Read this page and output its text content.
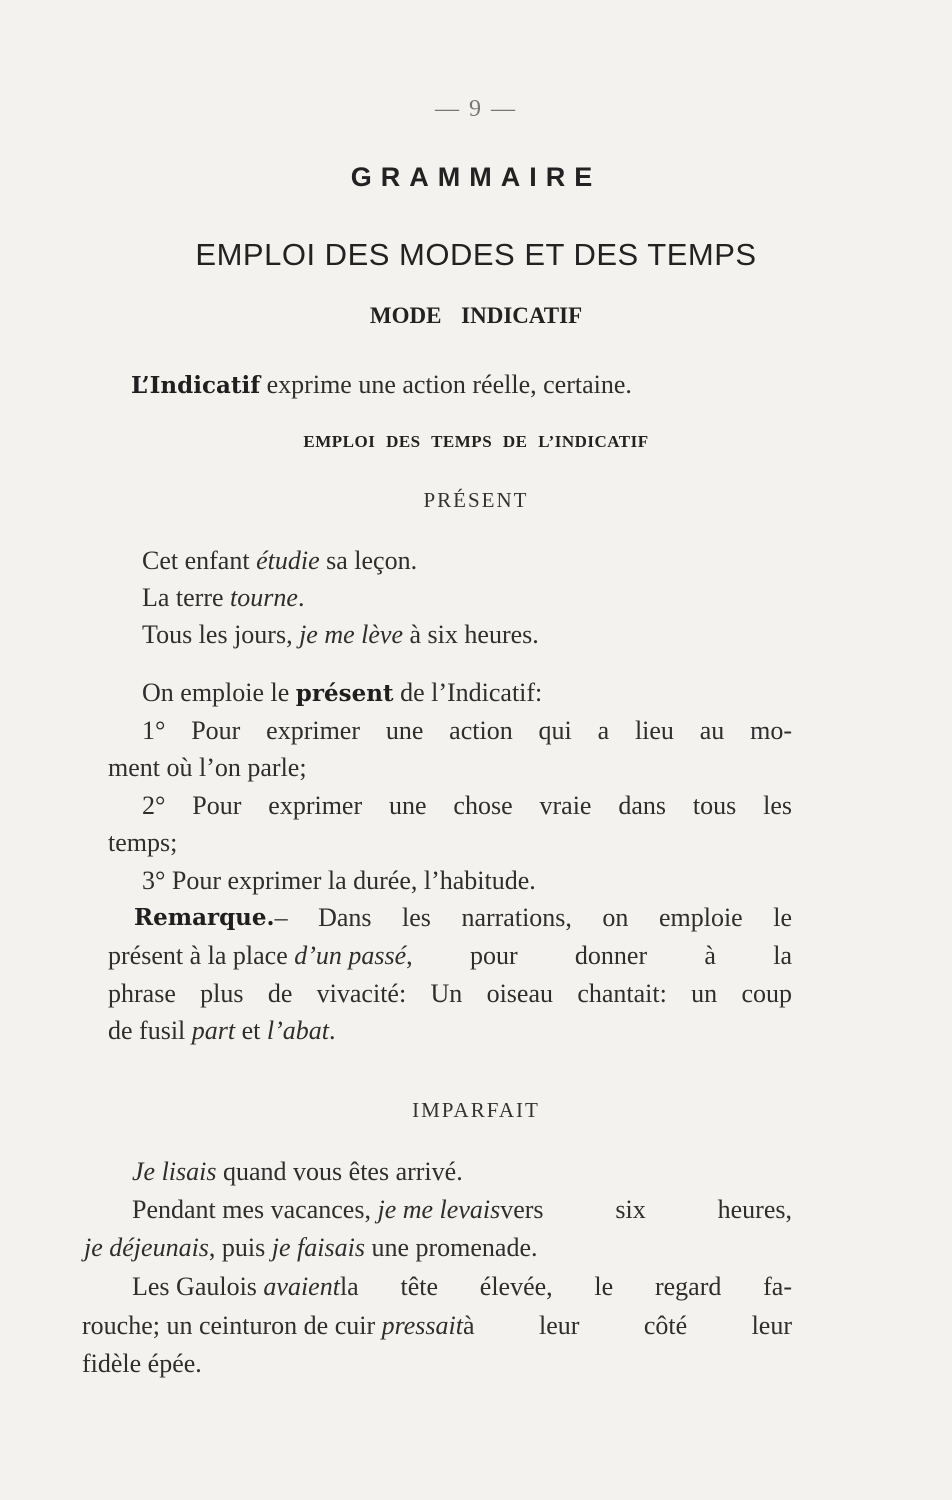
— 9 —
GRAMMAIRE
EMPLOI DES MODES ET DES TEMPS
MODE INDICATIF
L’Indicatif exprime une action réelle, certaine.
EMPLOI DES TEMPS DE L’INDICATIF
PRÉSENT
Cet enfant étudie sa leçon.
La terre tourne.
Tous les jours, je me lève à six heures.
On emploie le présent de l’Indicatif:
1° Pour exprimer une action qui a lieu au mo-
ment où l’on parle;
2° Pour exprimer une chose vraie dans tous les
temps;
3° Pour exprimer la durée, l’habitude.
Remarque. – Dans les narrations, on emploie le
présent à la place d’un passé , pour donner à la
phrase plus de vivacité: Un oiseau chantait: un coup
de fusil part et l’abat.
IMPARFAIT
Je lisais quand vous êtes arrivé.
Pendant mes vacances, je me levais vers six heures,
je déjeunais, puis je faisais une promenade.
Les Gaulois avaient la tête élevée, le regard fa-
rouche; un ceinturon de cuir pressait à leur côté leur
fidèle épée.
